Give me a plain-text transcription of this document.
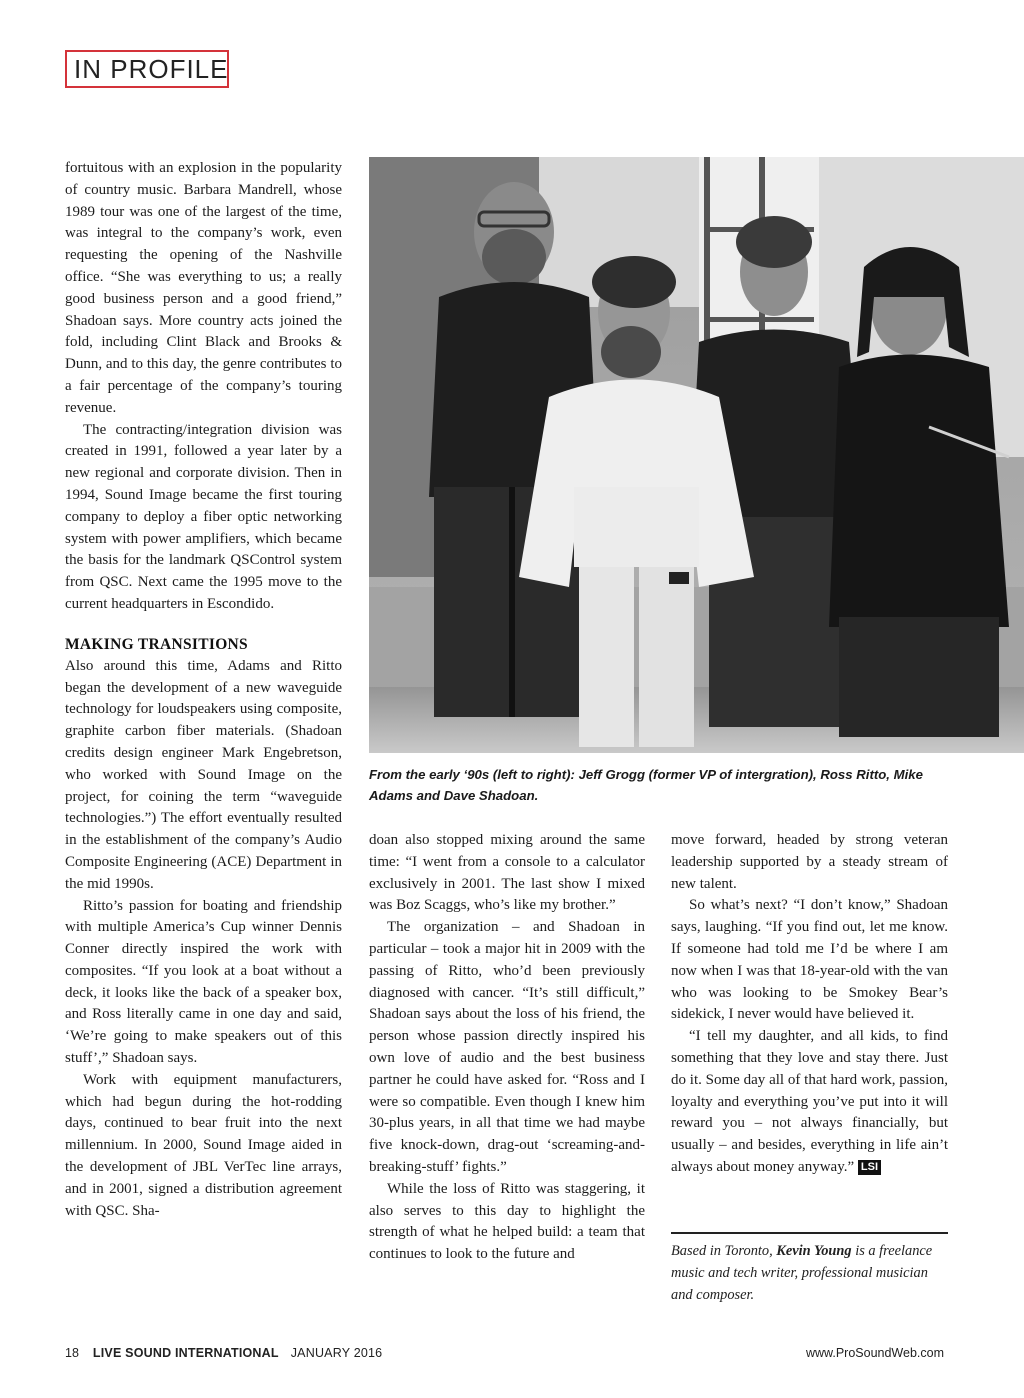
IN PROFILE

fortuitous with an explosion in the popularity of country music. Barbara Mandrell, whose 1989 tour was one of the largest of the time, was integral to the company’s work, even requesting the opening of the Nashville office. “She was everything to us; a really good business person and a good friend,” Shadoan says. More country acts joined the fold, including Clint Black and Brooks & Dunn, and to this day, the genre contributes to a fair percentage of the company’s touring revenue.

The contracting/integration division was created in 1991, followed a year later by a new regional and corporate division. Then in 1994, Sound Image became the first touring company to deploy a fiber optic networking system with power amplifiers, which became the basis for the landmark QSControl system from QSC. Next came the 1995 move to the current headquarters in Escondido.

MAKING TRANSITIONS

Also around this time, Adams and Ritto began the development of a new waveguide technology for loudspeakers using composite, graphite carbon fiber materials. (Shadoan credits design engineer Mark Engebretson, who worked with Sound Image on the project, for coining the term “waveguide technologies.”) The effort eventually resulted in the establishment of the company’s Audio Composite Engineering (ACE) Department in the mid 1990s.

Ritto’s passion for boating and friendship with multiple America’s Cup winner Dennis Conner directly inspired the work with composites. “If you look at a boat without a deck, it looks like the back of a speaker box, and Ross literally came in one day and said, ‘We’re going to make speakers out of this stuff’,” Shadoan says.

Work with equipment manufacturers, which had begun during the hot-rodding days, continued to bear fruit into the next millennium. In 2000, Sound Image aided in the development of JBL VerTec line arrays, and in 2001, signed a distribution agreement with QSC. Sha-

From the early ‘90s (left to right): Jeff Grogg (former VP of intergration), Ross Ritto, Mike Adams and Dave Shadoan.

doan also stopped mixing around the same time: “I went from a console to a calculator exclusively in 2001. The last show I mixed was Boz Scaggs, who’s like my brother.”

The organization – and Shadoan in particular – took a major hit in 2009 with the passing of Ritto, who’d been previously diagnosed with cancer. “It’s still difficult,” Shadoan says about the loss of his friend, the person whose passion directly inspired his own love of audio and the best business partner he could have asked for. “Ross and I were so compatible. Even though I knew him 30-plus years, in all that time we had maybe five knock-down, drag-out ‘screaming-and-breaking-stuff’ fights.”

While the loss of Ritto was staggering, it also serves to this day to highlight the strength of what he helped build: a team that continues to look to the future and

move forward, headed by strong veteran leadership supported by a steady stream of new talent.

So what’s next? “I don’t know,” Shadoan says, laughing. “If you find out, let me know. If someone had told me I’d be where I am now when I was that 18-year-old with the van who was looking to be Smokey Bear’s sidekick, I never would have believed it.

“I tell my daughter, and all kids, to find something that they love and stay there. Just do it. Some day all of that hard work, passion, loyalty and everything you’ve put into it will reward you – not always financially, but usually – and besides, everything in life ain’t always about money anyway.” LSI

Based in Toronto, Kevin Young is a freelance music and tech writer, professional musician and composer.
18 LIVE SOUND INTERNATIONAL JANUARY 2016	www.ProSoundWeb.com
